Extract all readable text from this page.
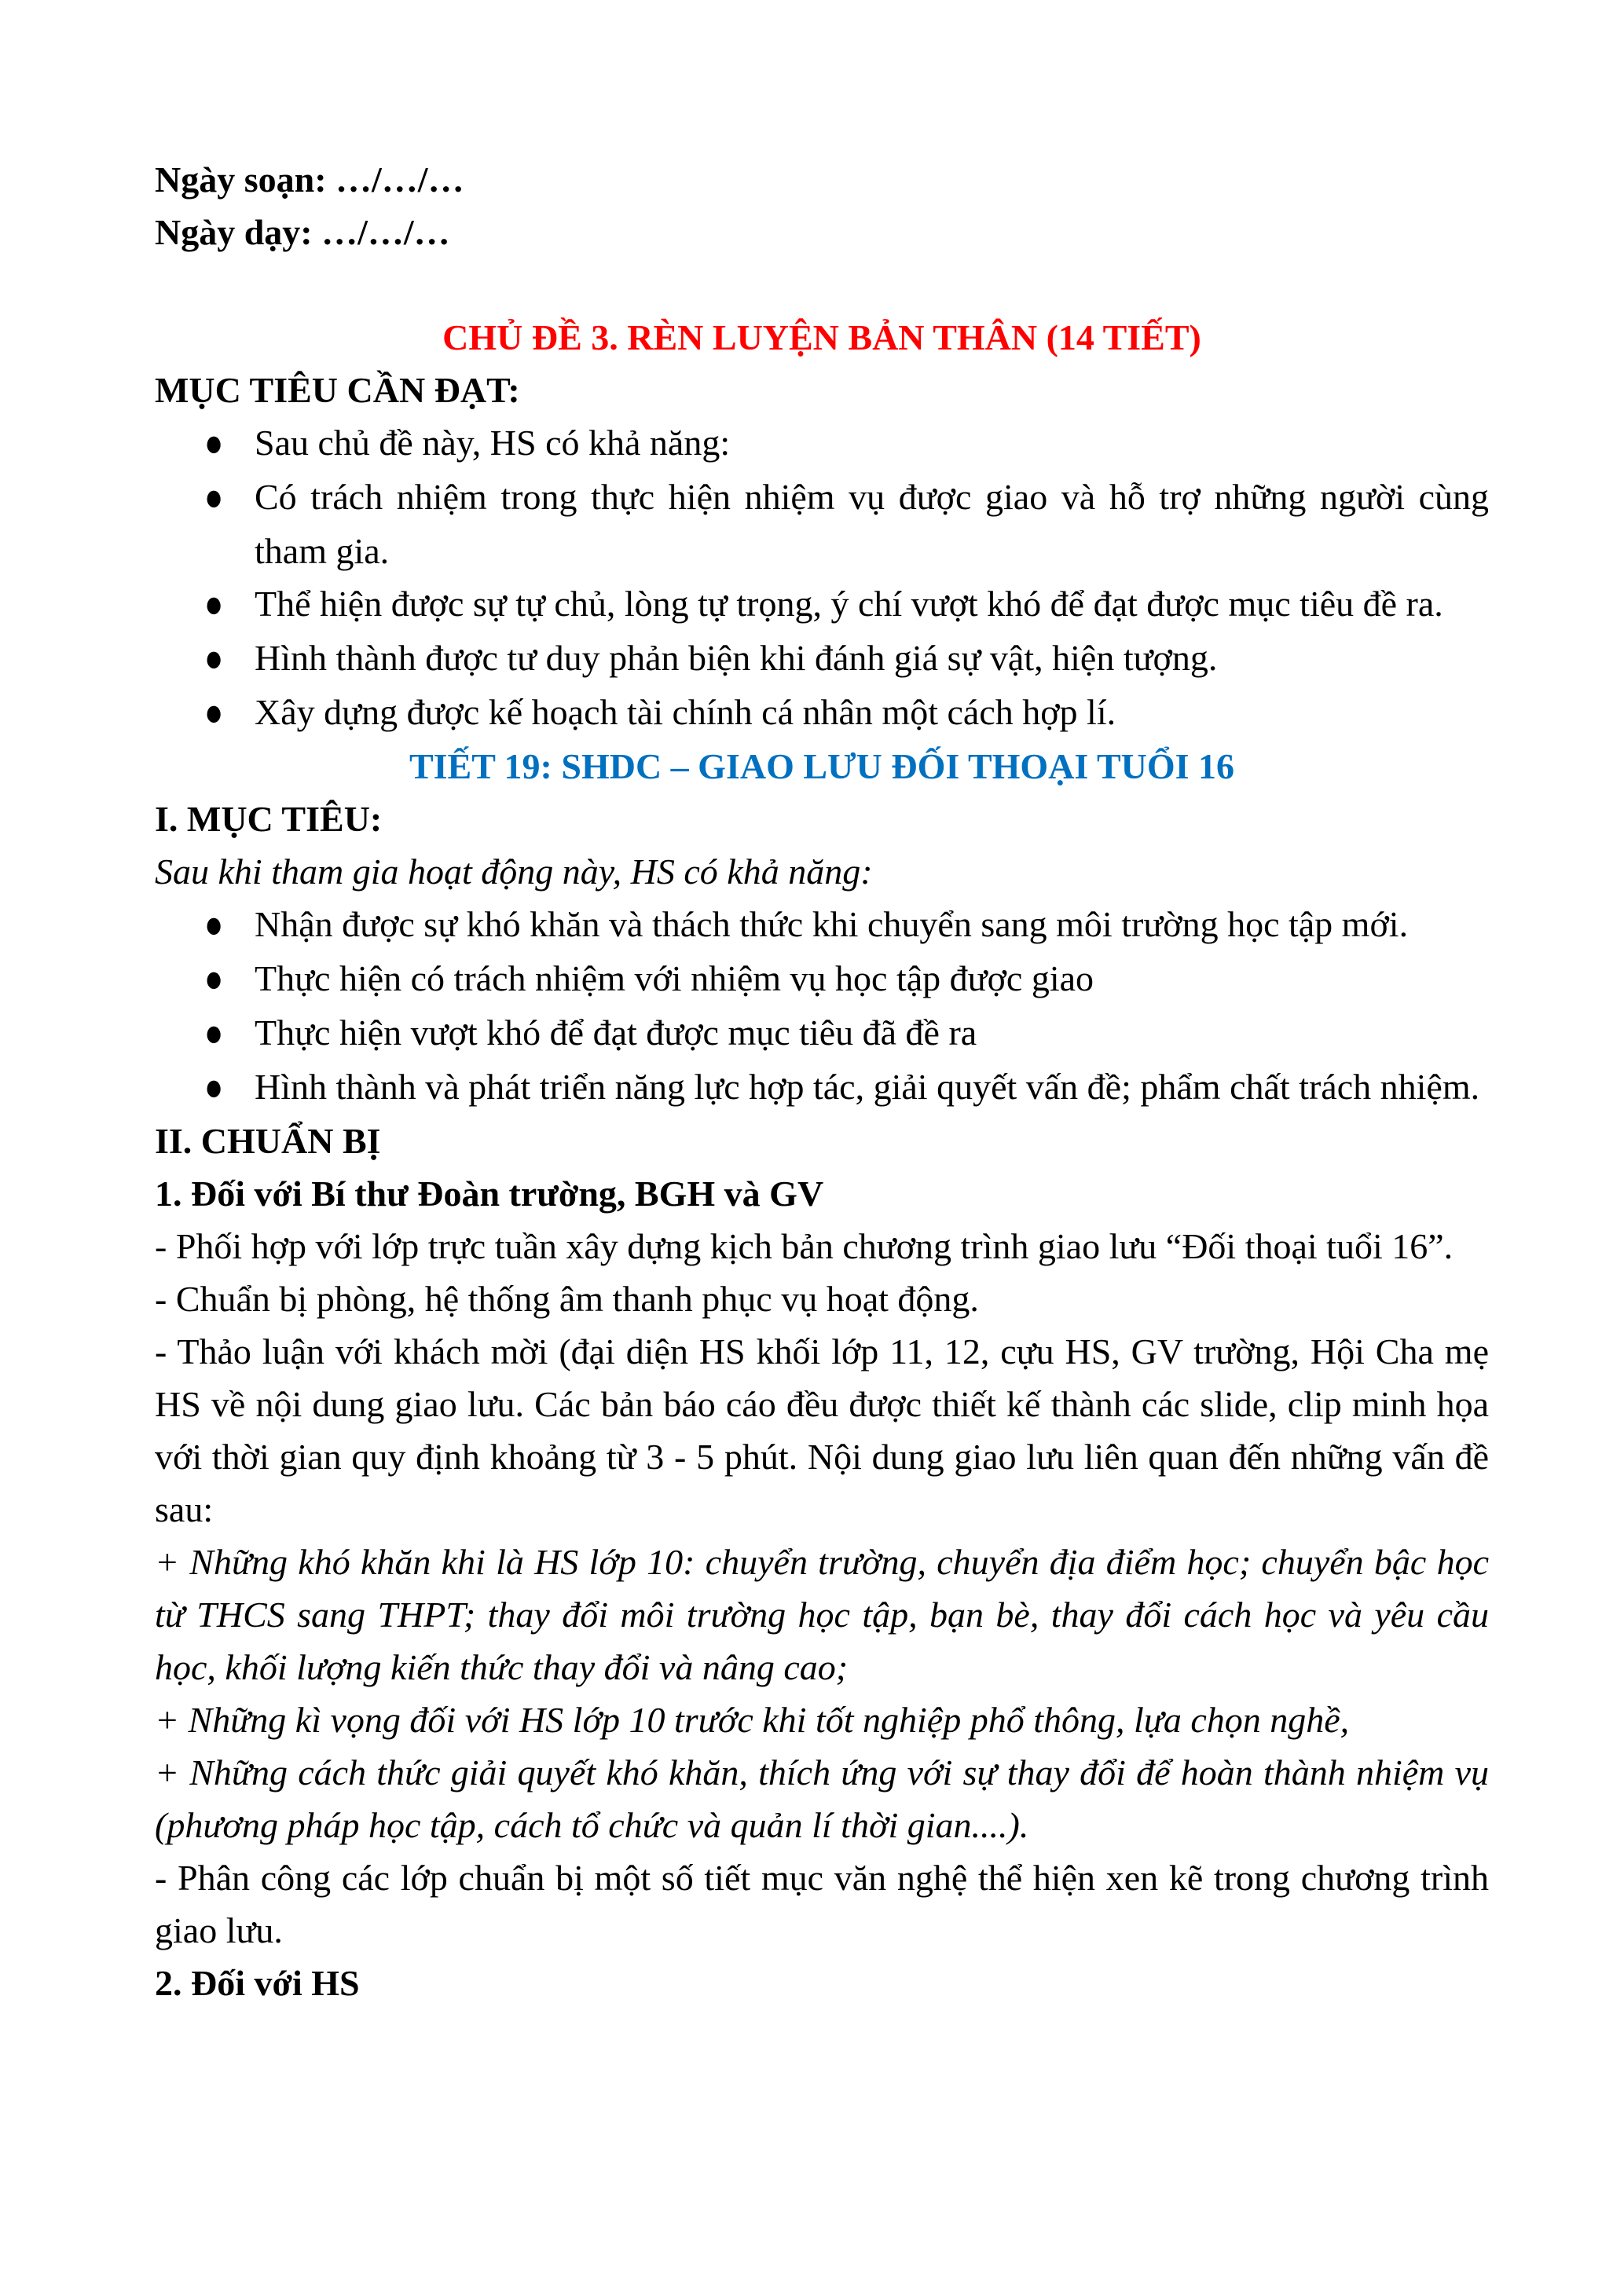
Ngày soạn: …/…/…

Ngày dạy: …/…/…

CHỦ ĐỀ 3. RÈN LUYỆN BẢN THÂN (14 TIẾT)

MỤC TIÊU CẦN ĐẠT:

● Sau chủ đề này, HS có khả năng:
● Có trách nhiệm trong thực hiện nhiệm vụ được giao và hỗ trợ những người cùng tham gia.
● Thể hiện được sự tự chủ, lòng tự trọng, ý chí vượt khó để đạt được mục tiêu đề ra.
● Hình thành được tư duy phản biện khi đánh giá sự vật, hiện tượng.
● Xây dựng được kế hoạch tài chính cá nhân một cách hợp lí.

TIẾT 19: SHDC – GIAO LƯU ĐỐI THOẠI TUỔI 16

I. MỤC TIÊU:

Sau khi tham gia hoạt động này, HS có khả năng:

● Nhận được sự khó khăn và thách thức khi chuyển sang môi trường học tập mới.
● Thực hiện có trách nhiệm với nhiệm vụ học tập được giao
● Thực hiện vượt khó để đạt được mục tiêu đã đề ra
● Hình thành và phát triển năng lực hợp tác, giải quyết vấn đề; phẩm chất trách nhiệm.

II. CHUẨN BỊ

1. Đối với Bí thư Đoàn trường, BGH và GV

- Phối hợp với lớp trực tuần xây dựng kịch bản chương trình giao lưu “Đối thoại tuổi 16”.

- Chuẩn bị phòng, hệ thống âm thanh phục vụ hoạt động.

- Thảo luận với khách mời (đại diện HS khối lớp 11, 12, cựu HS, GV trường, Hội Cha mẹ HS về nội dung giao lưu. Các bản báo cáo đều được thiết kế thành các slide, clip minh họa với thời gian quy định khoảng từ 3 - 5 phút. Nội dung giao lưu liên quan đến những vấn đề sau:

+ Những khó khăn khi là HS lớp 10: chuyển trường, chuyển địa điểm học; chuyển bậc học từ THCS sang THPT; thay đổi môi trường học tập, bạn bè, thay đổi cách học và yêu cầu học, khối lượng kiến thức thay đổi và nâng cao;

+ Những kì vọng đối với HS lớp 10 trước khi tốt nghiệp phổ thông, lựa chọn nghề,

+ Những cách thức giải quyết khó khăn, thích ứng với sự thay đổi để hoàn thành nhiệm vụ (phương pháp học tập, cách tổ chức và quản lí thời gian....).

- Phân công các lớp chuẩn bị một số tiết mục văn nghệ thể hiện xen kẽ trong chương trình giao lưu.

2. Đối với HS
